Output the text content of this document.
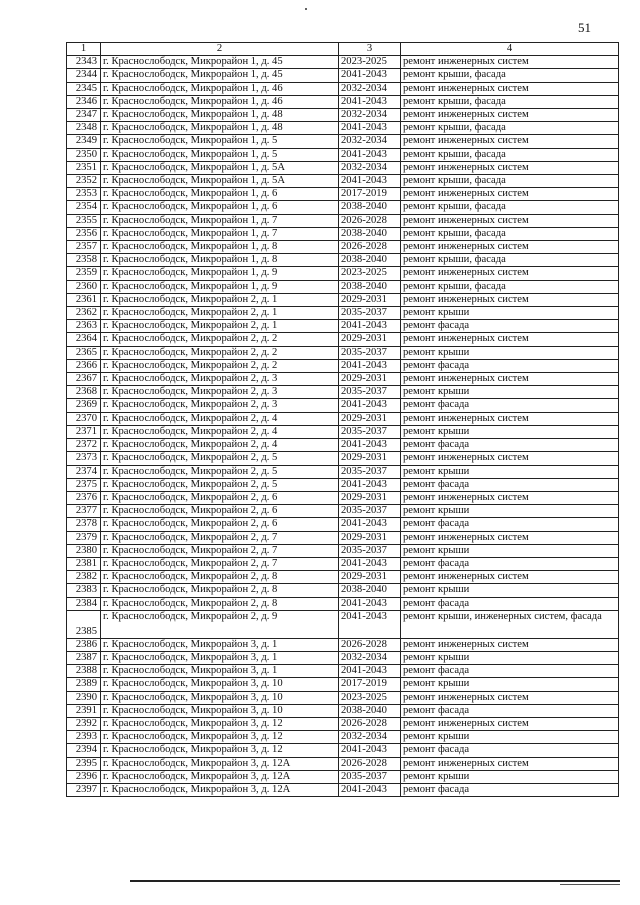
51
1	2	3	4
2343	г. Краснослободск, Микрорайон 1, д. 45	2023-2025	ремонт инженерных систем
2344	г. Краснослободск, Микрорайон 1, д. 45	2041-2043	ремонт крыши, фасада
2345	г. Краснослободск, Микрорайон 1, д. 46	2032-2034	ремонт инженерных систем
2346	г. Краснослободск, Микрорайон 1, д. 46	2041-2043	ремонт крыши, фасада
2347	г. Краснослободск, Микрорайон 1, д. 48	2032-2034	ремонт инженерных систем
2348	г. Краснослободск, Микрорайон 1, д. 48	2041-2043	ремонт крыши, фасада
2349	г. Краснослободск, Микрорайон 1, д. 5	2032-2034	ремонт инженерных систем
2350	г. Краснослободск, Микрорайон 1, д. 5	2041-2043	ремонт крыши, фасада
2351	г. Краснослободск, Микрорайон 1, д. 5А	2032-2034	ремонт инженерных систем
2352	г. Краснослободск, Микрорайон 1, д. 5А	2041-2043	ремонт крыши, фасада
2353	г. Краснослободск, Микрорайон 1, д. 6	2017-2019	ремонт инженерных систем
2354	г. Краснослободск, Микрорайон 1, д. 6	2038-2040	ремонт крыши, фасада
2355	г. Краснослободск, Микрорайон 1, д. 7	2026-2028	ремонт инженерных систем
2356	г. Краснослободск, Микрорайон 1, д. 7	2038-2040	ремонт крыши, фасада
2357	г. Краснослободск, Микрорайон 1, д. 8	2026-2028	ремонт инженерных систем
2358	г. Краснослободск, Микрорайон 1, д. 8	2038-2040	ремонт крыши, фасада
2359	г. Краснослободск, Микрорайон 1, д. 9	2023-2025	ремонт инженерных систем
2360	г. Краснослободск, Микрорайон 1, д. 9	2038-2040	ремонт крыши, фасада
2361	г. Краснослободск, Микрорайон 2, д. 1	2029-2031	ремонт инженерных систем
2362	г. Краснослободск, Микрорайон 2, д. 1	2035-2037	ремонт крыши
2363	г. Краснослободск, Микрорайон 2, д. 1	2041-2043	ремонт фасада
2364	г. Краснослободск, Микрорайон 2, д. 2	2029-2031	ремонт инженерных систем
2365	г. Краснослободск, Микрорайон 2, д. 2	2035-2037	ремонт крыши
2366	г. Краснослободск, Микрорайон 2, д. 2	2041-2043	ремонт фасада
2367	г. Краснослободск, Микрорайон 2, д. 3	2029-2031	ремонт инженерных систем
2368	г. Краснослободск, Микрорайон 2, д. 3	2035-2037	ремонт крыши
2369	г. Краснослободск, Микрорайон 2, д. 3	2041-2043	ремонт фасада
2370	г. Краснослободск, Микрорайон 2, д. 4	2029-2031	ремонт инженерных систем
2371	г. Краснослободск, Микрорайон 2, д. 4	2035-2037	ремонт крыши
2372	г. Краснослободск, Микрорайон 2, д. 4	2041-2043	ремонт фасада
2373	г. Краснослободск, Микрорайон 2, д. 5	2029-2031	ремонт инженерных систем
2374	г. Краснослободск, Микрорайон 2, д. 5	2035-2037	ремонт крыши
2375	г. Краснослободск, Микрорайон 2, д. 5	2041-2043	ремонт фасада
2376	г. Краснослободск, Микрорайон 2, д. 6	2029-2031	ремонт инженерных систем
2377	г. Краснослободск, Микрорайон 2, д. 6	2035-2037	ремонт крыши
2378	г. Краснослободск, Микрорайон 2, д. 6	2041-2043	ремонт фасада
2379	г. Краснослободск, Микрорайон 2, д. 7	2029-2031	ремонт инженерных систем
2380	г. Краснослободск, Микрорайон 2, д. 7	2035-2037	ремонт крыши
2381	г. Краснослободск, Микрорайон 2, д. 7	2041-2043	ремонт фасада
2382	г. Краснослободск, Микрорайон 2, д. 8	2029-2031	ремонт инженерных систем
2383	г. Краснослободск, Микрорайон 2, д. 8	2038-2040	ремонт крыши
2384	г. Краснослободск, Микрорайон 2, д. 8	2041-2043	ремонт фасада
2385	г. Краснослободск, Микрорайон 2, д. 9	2041-2043	ремонт крыши, инженерных систем, фасада
2386	г. Краснослободск, Микрорайон 3, д. 1	2026-2028	ремонт инженерных систем
2387	г. Краснослободск, Микрорайон 3, д. 1	2032-2034	ремонт крыши
2388	г. Краснослободск, Микрорайон 3, д. 1	2041-2043	ремонт фасада
2389	г. Краснослободск, Микрорайон 3, д. 10	2017-2019	ремонт крыши
2390	г. Краснослободск, Микрорайон 3, д. 10	2023-2025	ремонт инженерных систем
2391	г. Краснослободск, Микрорайон 3, д. 10	2038-2040	ремонт фасада
2392	г. Краснослободск, Микрорайон 3, д. 12	2026-2028	ремонт инженерных систем
2393	г. Краснослободск, Микрорайон 3, д. 12	2032-2034	ремонт крыши
2394	г. Краснослободск, Микрорайон 3, д. 12	2041-2043	ремонт фасада
2395	г. Краснослободск, Микрорайон 3, д. 12А	2026-2028	ремонт инженерных систем
2396	г. Краснослободск, Микрорайон 3, д. 12А	2035-2037	ремонт крыши
2397	г. Краснослободск, Микрорайон 3, д. 12А	2041-2043	ремонт фасада
